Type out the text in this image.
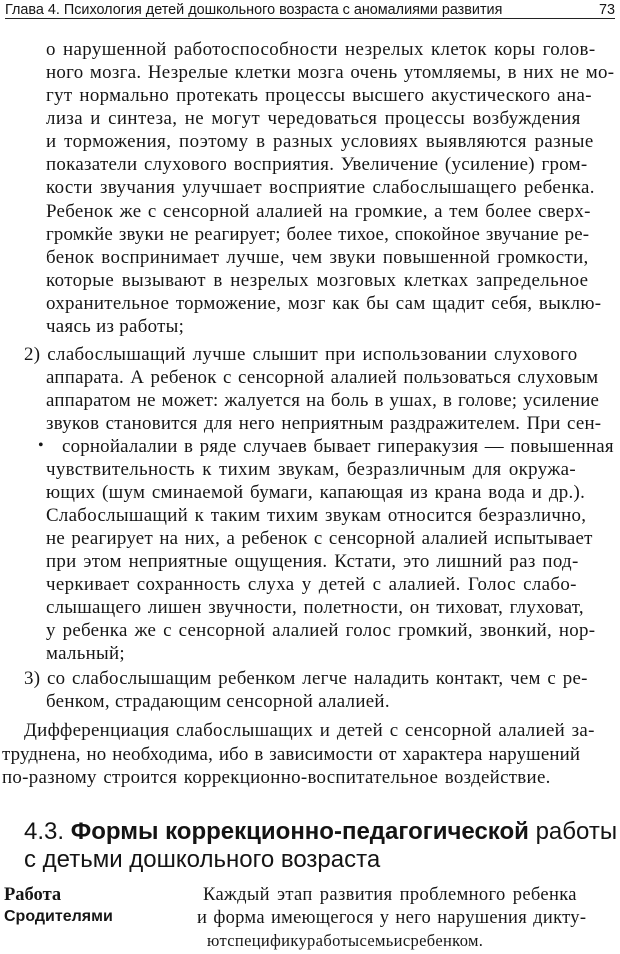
Глава 4. Психология детей дошкольного возраста с аномалиями развития	73
о нарушенной работоспособности незрелых клеток коры голов-
ного мозга. Незрелые клетки мозга очень утомляемы, в них не мо-
гут нормально протекать процессы высшего акустического ана-
лиза и синтеза, не могут чередоваться процессы возбуждения
и торможения, поэтому в разных условиях выявляются разные
показатели слухового восприятия. Увеличение (усиление) гром-
кости звучания улучшает восприятие слабослышащего ребенка.
Ребенок же с сенсорной алалией на громкие, а тем более сверх-
громкйе звуки не реагирует; более тихое, спокойное звучание ре-
бенок воспринимает лучше, чем звуки повышенной громкости,
которые вызывают в незрелых мозговых клетках запредельное
охранительное торможение, мозг как бы сам щадит себя, выклю-
чаясь из работы;
2) слабослышащий лучше слышит при использовании слухового
аппарата. А ребенок с сенсорной алалией пользоваться слуховым
аппаратом не может: жалуется на боль в ушах, в голове; усиление
звуков становится для него неприятным раздражителем. При сен-
• сорнойалалии в ряде случаев бывает гиперакузия — повышенная
чувствительность к тихим звукам, безразличным для окружа-
ющих (шум сминаемой бумаги, капающая из крана вода и др.).
Слабослышащий к таким тихим звукам относится безразлично,
не реагирует на них, а ребенок с сенсорной алалией испытывает
при этом неприятные ощущения. Кстати, это лишний раз под-
черкивает сохранность слуха у детей с алалией. Голос слабо-
слышащего лишен звучности, полетности, он тиховат, глуховат,
у ребенка же с сенсорной алалией голос громкий, звонкий, нор-
мальный;
3) со слабослышащим ребенком легче наладить контакт, чем с ре-
бенком, страдающим сенсорной алалией.
Дифференциация слабослышащих и детей с сенсорной алалией за-
труднена, но необходима, ибо в зависимости от характера нарушений
по-разному строится коррекционно-воспитательное воздействие.
4.3. Формы коррекционно-педагогической работы
с детьми дошкольного возраста
Работа
Сродителями
Каждый этап развития проблемного ребенка
и форма имеющегося у него нарушения дикту-
ютспецификуработысемьисребенком.
